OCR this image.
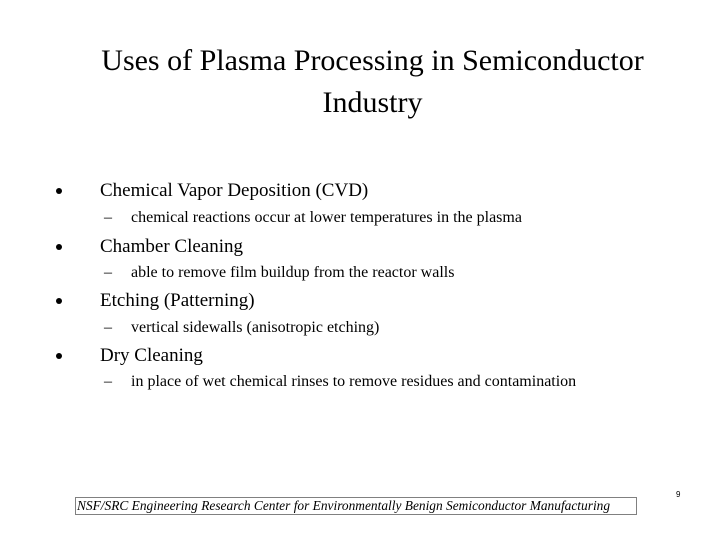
Uses of Plasma Processing in Semiconductor
Industry
Chemical Vapor Deposition (CVD)
– chemical reactions occur at lower temperatures in the plasma
Chamber Cleaning
– able to remove film buildup from the reactor walls
Etching (Patterning)
– vertical sidewalls (anisotropic etching)
Dry Cleaning
– in place of wet chemical rinses to remove residues and contamination
NSF/SRC Engineering Research Center for Environmentally Benign Semiconductor Manufacturing
9
